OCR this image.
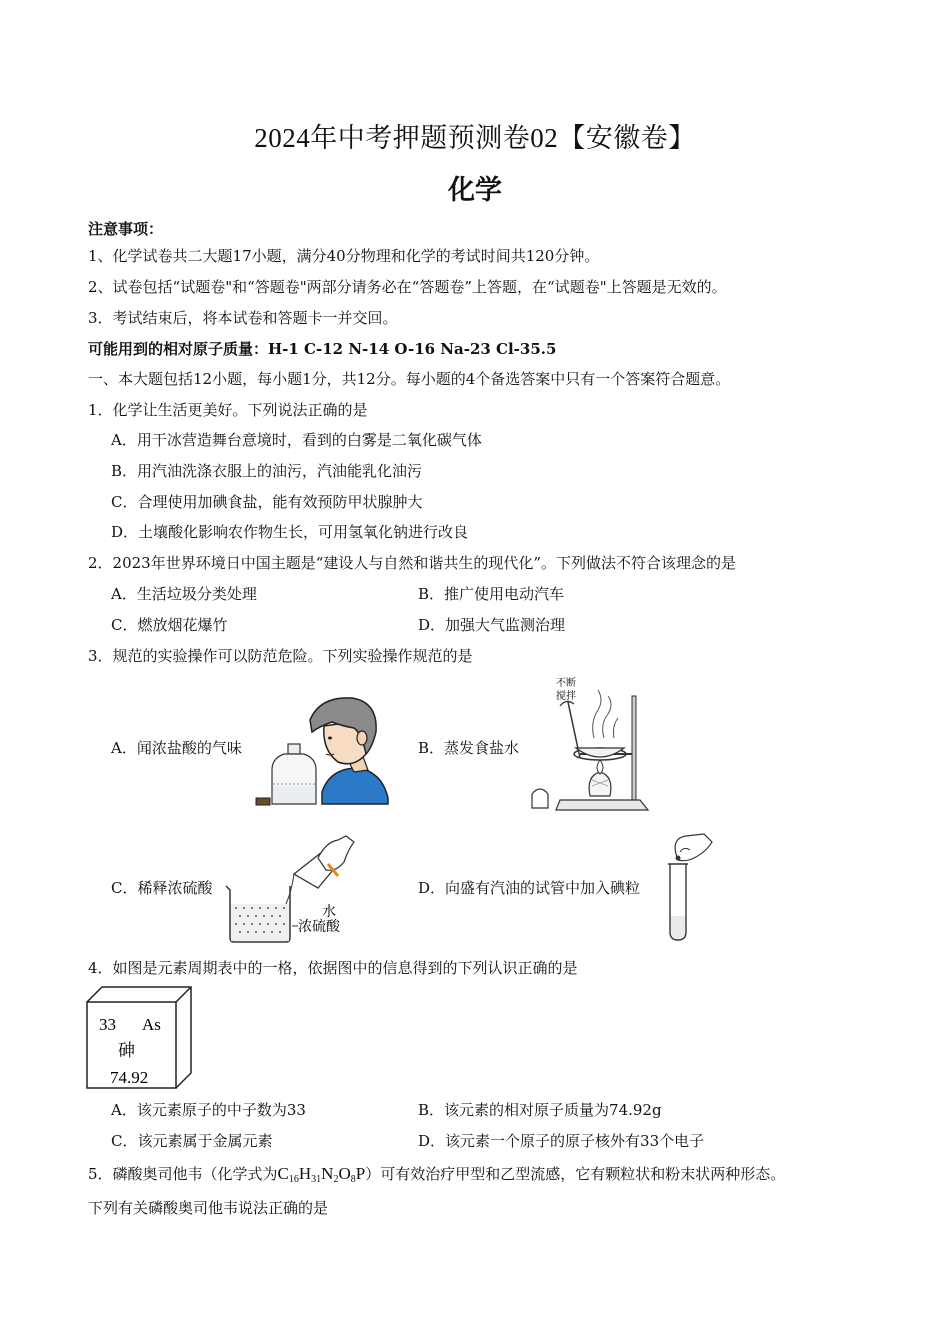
2024年中考押题预测卷02【安徽卷】
化学
注意事项：
1、化学试卷共二大题17小题，满分40分物理和化学的考试时间共120分钟。
2、试卷包括“试题卷"和“答题卷"两部分请务必在“答题卷”上答题，在“试题卷"上答题是无效的。
3．考试结束后，将本试卷和答题卡一并交回。
可能用到的相对原子质量：H-1 C-12 N-14 O-16 Na-23 Cl-35.5
一、本大题包括12小题，每小题1分，共12分。每小题的4个备选答案中只有一个答案符合题意。
1．化学让生活更美好。下列说法正确的是
A．用干冰营造舞台意境时，看到的白雾是二氧化碳气体
B．用汽油洗涤衣服上的油污，汽油能乳化油污
C．合理使用加碘食盐，能有效预防甲状腺肿大
D．土壤酸化影响农作物生长，可用氢氧化钠进行改良
2．2023年世界环境日中国主题是“建设人与自然和谐共生的现代化”。下列做法不符合该理念的是
A．生活垃圾分类处理	B．推广使用电动汽车
C．燃放烟花爆竹	D．加强大气监测治理
3．规范的实验操作可以防范危险。下列实验操作规范的是
A．闻浓盐酸的气味	B．蒸发食盐水
C．稀释浓硫酸	D．向盛有汽油的试管中加入碘粒
不断
搅拌
水
浓硫酸
4．如图是元素周期表中的一格，依据图中的信息得到的下列认识正确的是
33 As
砷
74.92
A．该元素原子的中子数为33	B．该元素的相对原子质量为74.92g
C．该元素属于金属元素	D．该元素一个原子的原子核外有33个电子
5．磷酸奥司他韦（化学式为$C_{16}H_{31}N_2O_8P$）可有效治疗甲型和乙型流感，它有颗粒状和粉末状两种形态。
下列有关磷酸奥司他韦说法正确的是
